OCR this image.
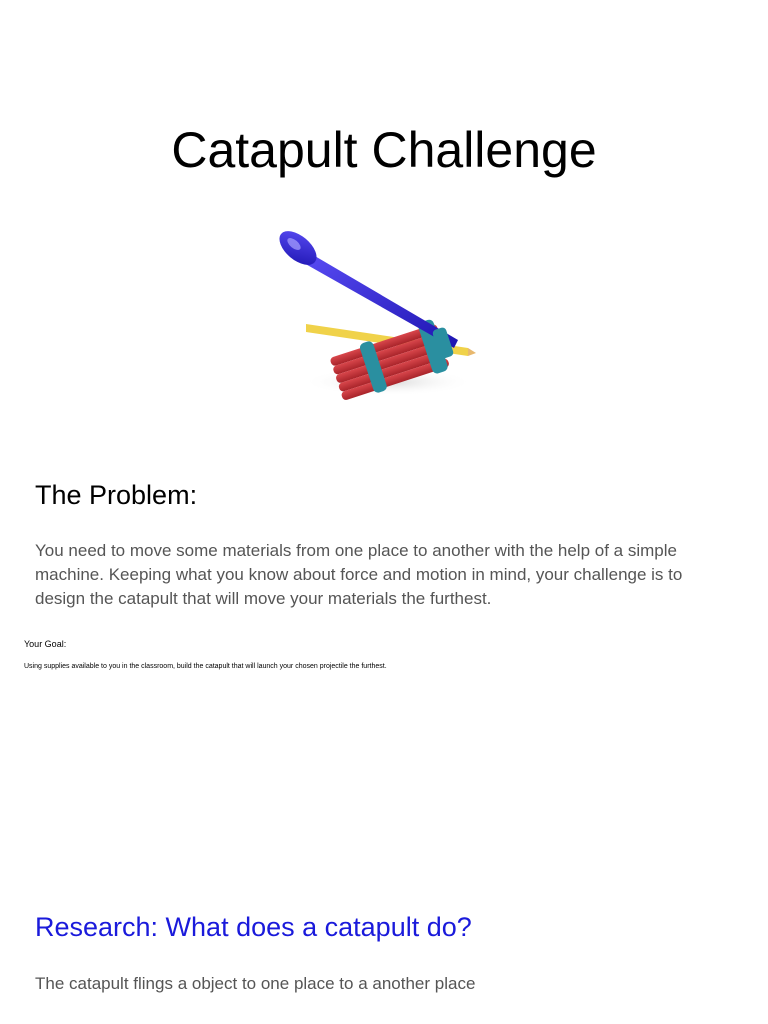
Catapult Challenge
The Problem:

You need to move some materials from one place to another with the help of a simple machine. Keeping what you know about force and motion in mind, your challenge is to design the catapult that will move your materials the furthest.

Your Goal:

Using supplies available to you in the classroom, build the catapult that will launch your chosen projectile the furthest.

Research: What does a catapult do?

The catapult flings a object to one place to a another place
